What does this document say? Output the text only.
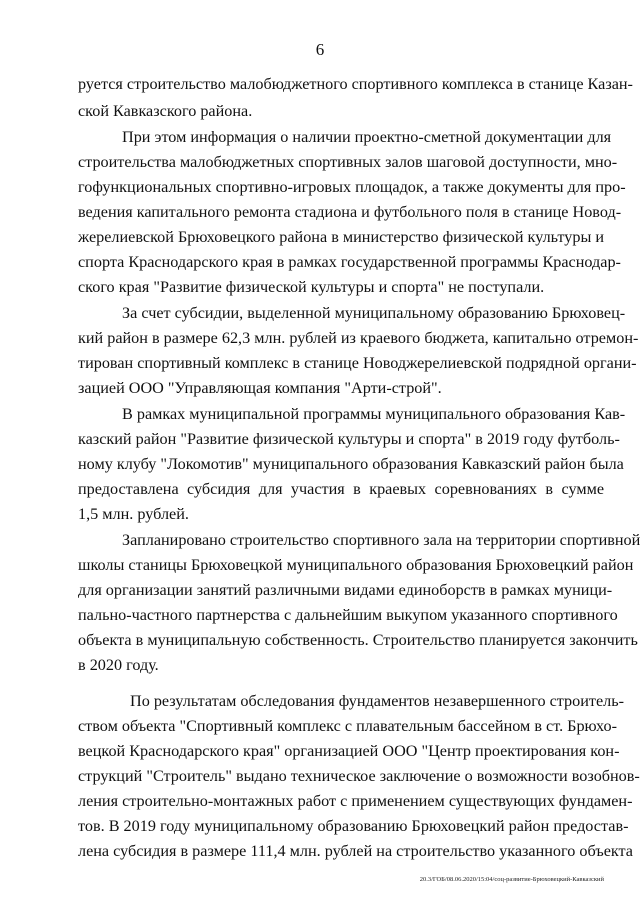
6
руется строительство малобюджетного спортивного комплекса в станице Казан-
ской Кавказского района.
При этом информация о наличии проектно-сметной документации для
строительства малобюджетных спортивных залов шаговой доступности, мно-
гофункциональных спортивно-игровых площадок, а также документы для про-
ведения капитального ремонта стадиона и футбольного поля в станице Новод-
жерелиевской Брюховецкого района в министерство физической культуры и
спорта Краснодарского края в рамках государственной программы Краснодар-
ского края "Развитие физической культуры и спорта" не поступали.
За счет субсидии, выделенной муниципальному образованию Брюховец-
кий район в размере 62,3 млн. рублей из краевого бюджета, капитально отремон-
тирован спортивный комплекс в станице Новоджерелиевской подрядной органи-
зацией ООО "Управляющая компания "Арти-строй".
В рамках муниципальной программы муниципального образования Кав-
казский район "Развитие физической культуры и спорта" в 2019 году футболь-
ному клубу "Локомотив" муниципального образования Кавказский район была
предоставлена субсидия для участия в краевых соревнованиях в сумме
1,5 млн. рублей.
Запланировано строительство спортивного зала на территории спортивной
школы станицы Брюховецкой муниципального образования Брюховецкий район
для организации занятий различными видами единоборств в рамках муници-
пально-частного партнерства с дальнейшим выкупом указанного спортивного
объекта в муниципальную собственность. Строительство планируется закончить
в 2020 году.
По результатам обследования фундаментов незавершенного строитель-
ством объекта "Спортивный комплекс с плавательным бассейном в ст. Брюхо-
вецкой Краснодарского края" организацией ООО "Центр проектирования кон-
струкций "Строитель" выдано техническое заключение о возможности возобнов-
ления строительно-монтажных работ с применением существующих фундамен-
тов. В 2019 году муниципальному образованию Брюховецкий район предостав-
лена субсидия в размере 111,4 млн. рублей на строительство указанного объекта
20.3/ГОБ/08.06.2020/15:04/соц-развитие-Брюховецкий-Кавказский
